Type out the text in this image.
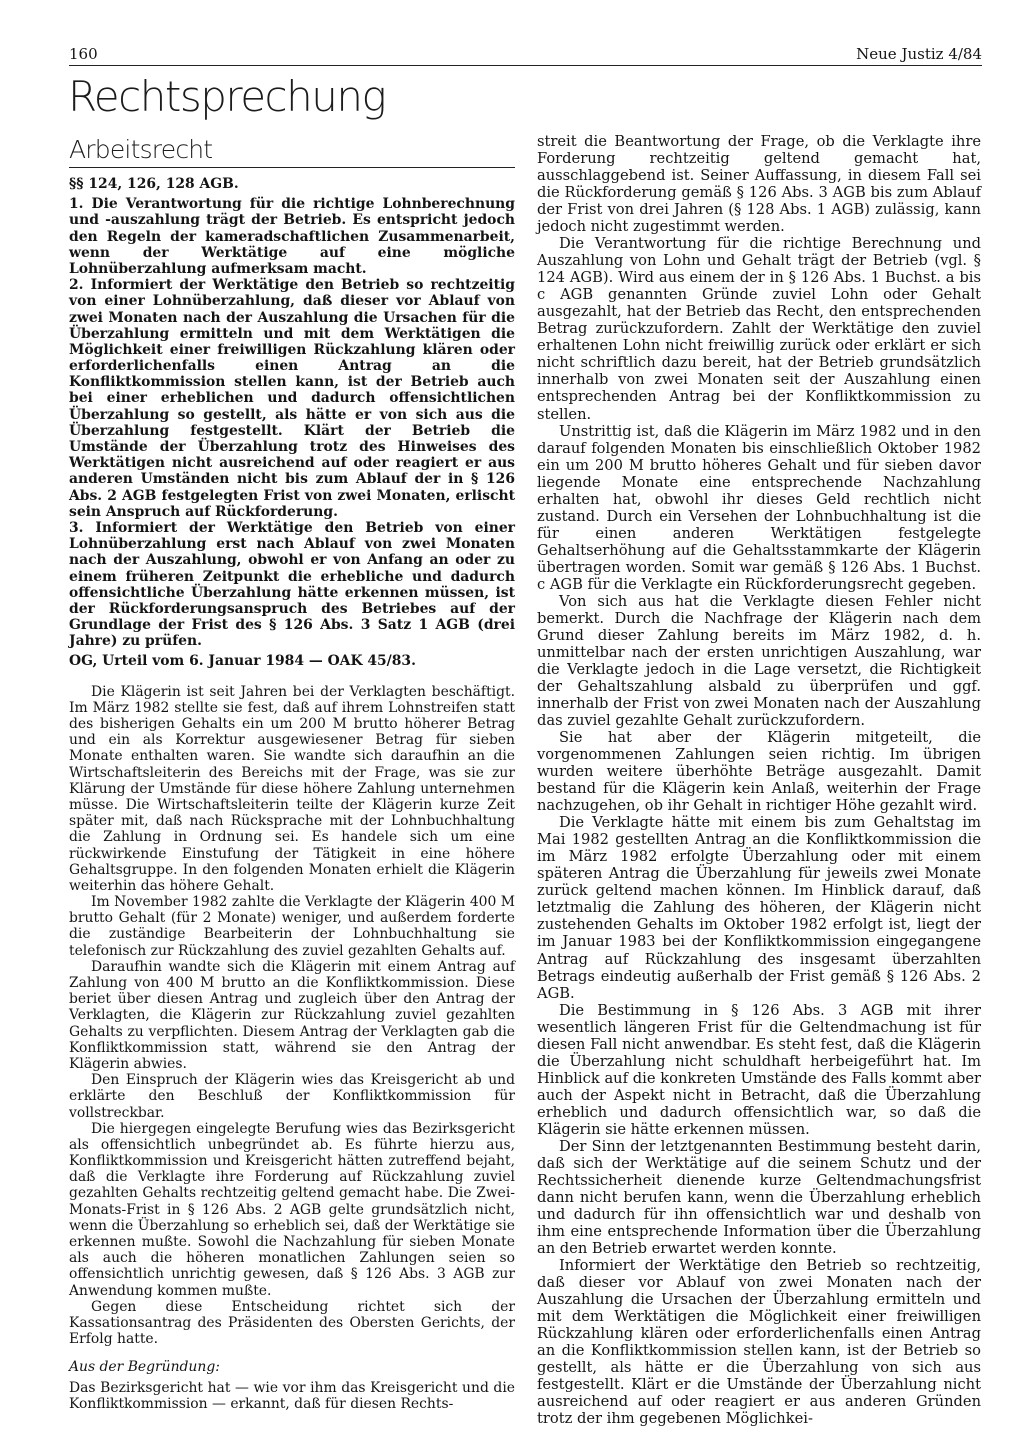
160	Neue Justiz 4/84
Rechtsprechung
Arbeitsrecht

§§ 124, 126, 128 AGB.

1. Die Verantwortung für die richtige Lohnberechnung und -auszahlung trägt der Betrieb. Es entspricht jedoch den Regeln der kameradschaftlichen Zusammenarbeit, wenn der Werktätige auf eine mögliche Lohnüberzahlung aufmerksam macht.

2. Informiert der Werktätige den Betrieb so rechtzeitig von einer Lohnüberzahlung, daß dieser vor Ablauf von zwei Monaten nach der Auszahlung die Ursachen für die Überzahlung ermitteln und mit dem Werktätigen die Möglichkeit einer freiwilligen Rückzahlung klären oder erforderlichenfalls einen Antrag an die Konfliktkommission stellen kann, ist der Betrieb auch bei einer erheblichen und dadurch offensichtlichen Überzahlung so gestellt, als hätte er von sich aus die Überzahlung festgestellt. Klärt der Betrieb die Umstände der Überzahlung trotz des Hinweises des Werktätigen nicht ausreichend auf oder reagiert er aus anderen Umständen nicht bis zum Ablauf der in § 126 Abs. 2 AGB festgelegten Frist von zwei Monaten, erlischt sein Anspruch auf Rückforderung.

3. Informiert der Werktätige den Betrieb von einer Lohnüberzahlung erst nach Ablauf von zwei Monaten nach der Auszahlung, obwohl er von Anfang an oder zu einem früheren Zeitpunkt die erhebliche und dadurch offensichtliche Überzahlung hätte erkennen müssen, ist der Rückforderungsanspruch des Betriebes auf der Grundlage der Frist des § 126 Abs. 3 Satz 1 AGB (drei Jahre) zu prüfen.

OG, Urteil vom 6. Januar 1984 — OAK 45/83.

Die Klägerin ist seit Jahren bei der Verklagten beschäftigt. Im März 1982 stellte sie fest, daß auf ihrem Lohnstreifen statt des bisherigen Gehalts ein um 200 M brutto höherer Betrag und ein als Korrektur ausgewiesener Betrag für sieben Monate enthalten waren. Sie wandte sich daraufhin an die Wirtschaftsleiterin des Bereichs mit der Frage, was sie zur Klärung der Umstände für diese höhere Zahlung unternehmen müsse. Die Wirtschaftsleiterin teilte der Klägerin kurze Zeit später mit, daß nach Rücksprache mit der Lohnbuchhaltung die Zahlung in Ordnung sei. Es handele sich um eine rückwirkende Einstufung der Tätigkeit in eine höhere Gehaltsgruppe. In den folgenden Monaten erhielt die Klägerin weiterhin das höhere Gehalt.

Im November 1982 zahlte die Verklagte der Klägerin 400 M brutto Gehalt (für 2 Monate) weniger, und außerdem forderte die zuständige Bearbeiterin der Lohnbuchhaltung sie telefonisch zur Rückzahlung des zuviel gezahlten Gehalts auf.

Daraufhin wandte sich die Klägerin mit einem Antrag auf Zahlung von 400 M brutto an die Konfliktkommission. Diese beriet über diesen Antrag und zugleich über den Antrag der Verklagten, die Klägerin zur Rückzahlung zuviel gezahlten Gehalts zu verpflichten. Diesem Antrag der Verklagten gab die Konfliktkommission statt, während sie den Antrag der Klägerin abwies.

Den Einspruch der Klägerin wies das Kreisgericht ab und erklärte den Beschluß der Konfliktkommission für vollstreckbar.

Die hiergegen eingelegte Berufung wies das Bezirksgericht als offensichtlich unbegründet ab. Es führte hierzu aus, Konfliktkommission und Kreisgericht hätten zutreffend bejaht, daß die Verklagte ihre Forderung auf Rückzahlung zuviel gezahlten Gehalts rechtzeitig geltend gemacht habe. Die Zwei-Monats-Frist in § 126 Abs. 2 AGB gelte grundsätzlich nicht, wenn die Überzahlung so erheblich sei, daß der Werktätige sie erkennen mußte. Sowohl die Nachzahlung für sieben Monate als auch die höheren monatlichen Zahlungen seien so offensichtlich unrichtig gewesen, daß § 126 Abs. 3 AGB zur Anwendung kommen mußte.

Gegen diese Entscheidung richtet sich der Kassationsantrag des Präsidenten des Obersten Gerichts, der Erfolg hatte.

Aus der Begründung:

Das Bezirksgericht hat — wie vor ihm das Kreisgericht und die Konfliktkommission — erkannt, daß für diesen Rechts-

streit die Beantwortung der Frage, ob die Verklagte ihre Forderung rechtzeitig geltend gemacht hat, ausschlaggebend ist. Seiner Auffassung, in diesem Fall sei die Rückforderung gemäß § 126 Abs. 3 AGB bis zum Ablauf der Frist von drei Jahren (§ 128 Abs. 1 AGB) zulässig, kann jedoch nicht zugestimmt werden.

Die Verantwortung für die richtige Berechnung und Auszahlung von Lohn und Gehalt trägt der Betrieb (vgl. § 124 AGB). Wird aus einem der in § 126 Abs. 1 Buchst. a bis c AGB genannten Gründe zuviel Lohn oder Gehalt ausgezahlt, hat der Betrieb das Recht, den entsprechenden Betrag zurückzufordern. Zahlt der Werktätige den zuviel erhaltenen Lohn nicht freiwillig zurück oder erklärt er sich nicht schriftlich dazu bereit, hat der Betrieb grundsätzlich innerhalb von zwei Monaten seit der Auszahlung einen entsprechenden Antrag bei der Konfliktkommission zu stellen.

Unstrittig ist, daß die Klägerin im März 1982 und in den darauf folgenden Monaten bis einschließlich Oktober 1982 ein um 200 M brutto höheres Gehalt und für sieben davor liegende Monate eine entsprechende Nachzahlung erhalten hat, obwohl ihr dieses Geld rechtlich nicht zustand. Durch ein Versehen der Lohnbuchhaltung ist die für einen anderen Werktätigen festgelegte Gehaltserhöhung auf die Gehaltsstammkarte der Klägerin übertragen worden. Somit war gemäß § 126 Abs. 1 Buchst. c AGB für die Verklagte ein Rückforderungsrecht gegeben.

Von sich aus hat die Verklagte diesen Fehler nicht bemerkt. Durch die Nachfrage der Klägerin nach dem Grund dieser Zahlung bereits im März 1982, d. h. unmittelbar nach der ersten unrichtigen Auszahlung, war die Verklagte jedoch in die Lage versetzt, die Richtigkeit der Gehaltszahlung alsbald zu überprüfen und ggf. innerhalb der Frist von zwei Monaten nach der Auszahlung das zuviel gezahlte Gehalt zurückzufordern.

Sie hat aber der Klägerin mitgeteilt, die vorgenommenen Zahlungen seien richtig. Im übrigen wurden weitere überhöhte Beträge ausgezahlt. Damit bestand für die Klägerin kein Anlaß, weiterhin der Frage nachzugehen, ob ihr Gehalt in richtiger Höhe gezahlt wird.

Die Verklagte hätte mit einem bis zum Gehaltstag im Mai 1982 gestellten Antrag an die Konfliktkommission die im März 1982 erfolgte Überzahlung oder mit einem späteren Antrag die Überzahlung für jeweils zwei Monate zurück geltend machen können. Im Hinblick darauf, daß letztmalig die Zahlung des höheren, der Klägerin nicht zustehenden Gehalts im Oktober 1982 erfolgt ist, liegt der im Januar 1983 bei der Konfliktkommission eingegangene Antrag auf Rückzahlung des insgesamt überzahlten Betrags eindeutig außerhalb der Frist gemäß § 126 Abs. 2 AGB.

Die Bestimmung in § 126 Abs. 3 AGB mit ihrer wesentlich längeren Frist für die Geltendmachung ist für diesen Fall nicht anwendbar. Es steht fest, daß die Klägerin die Überzahlung nicht schuldhaft herbeigeführt hat. Im Hinblick auf die konkreten Umstände des Falls kommt aber auch der Aspekt nicht in Betracht, daß die Überzahlung erheblich und dadurch offensichtlich war, so daß die Klägerin sie hätte erkennen müssen.

Der Sinn der letztgenannten Bestimmung besteht darin, daß sich der Werktätige auf die seinem Schutz und der Rechtssicherheit dienende kurze Geltendmachungsfrist dann nicht berufen kann, wenn die Überzahlung erheblich und dadurch für ihn offensichtlich war und deshalb von ihm eine entsprechende Information über die Überzahlung an den Betrieb erwartet werden konnte.

Informiert der Werktätige den Betrieb so rechtzeitig, daß dieser vor Ablauf von zwei Monaten nach der Auszahlung die Ursachen der Überzahlung ermitteln und mit dem Werktätigen die Möglichkeit einer freiwilligen Rückzahlung klären oder erforderlichenfalls einen Antrag an die Konfliktkommission stellen kann, ist der Betrieb so gestellt, als hätte er die Überzahlung von sich aus festgestellt. Klärt er die Umstände der Überzahlung nicht ausreichend auf oder reagiert er aus anderen Gründen trotz der ihm gegebenen Möglichkei-
